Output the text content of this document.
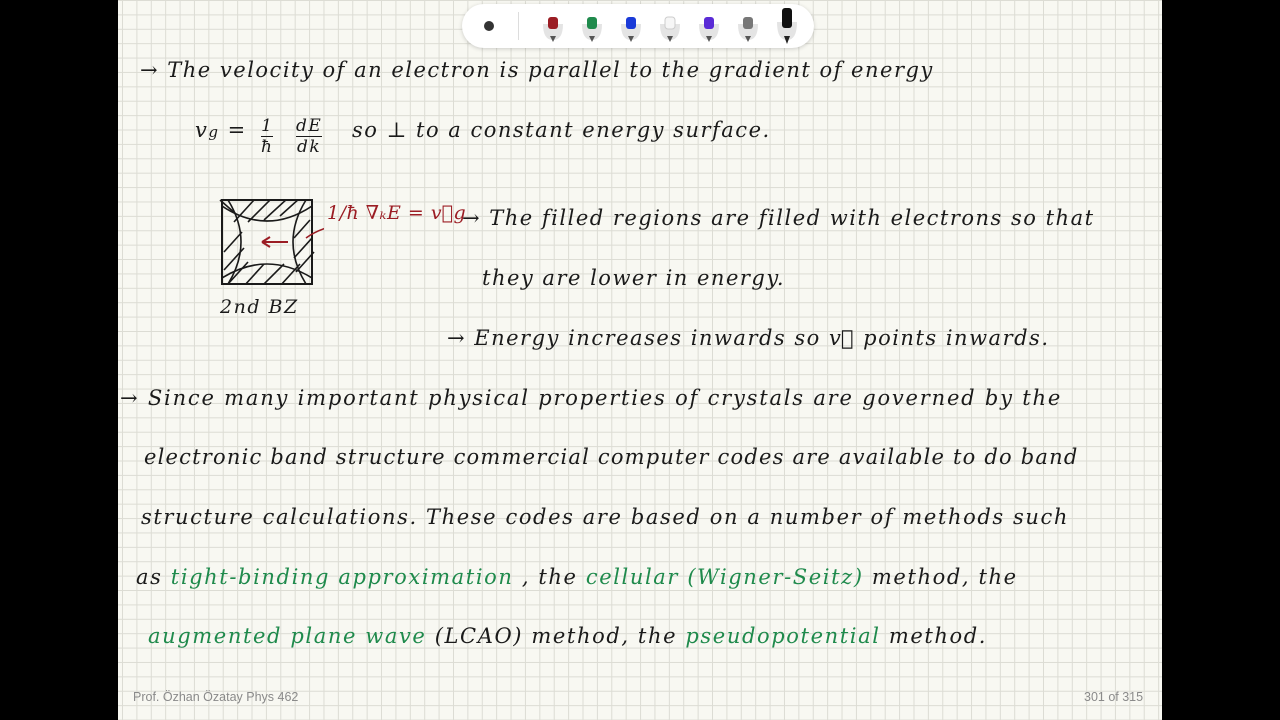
→ The velocity of an electron is parallel to the gradient of energy
vg = $\frac{1}{ħ} \frac{dE}{dk}$ so ⊥ to a constant energy surface.
1/ħ ∇ₖE = v⃗g
2nd BZ
→ The filled regions are filled with electrons so that
they are lower in energy.
→ Energy increases inwards so v⃗ points inwards.
→ Since many important physical properties of crystals are governed by the
electronic band structure commercial computer codes are available to do band
structure calculations. These codes are based on a number of methods such
as tight-binding approximation , the cellular (Wigner-Seitz) method, the
augmented plane wave (LCAO) method, the pseudopotential method.
Prof. Özhan Özatay Phys 462	301 of 315
